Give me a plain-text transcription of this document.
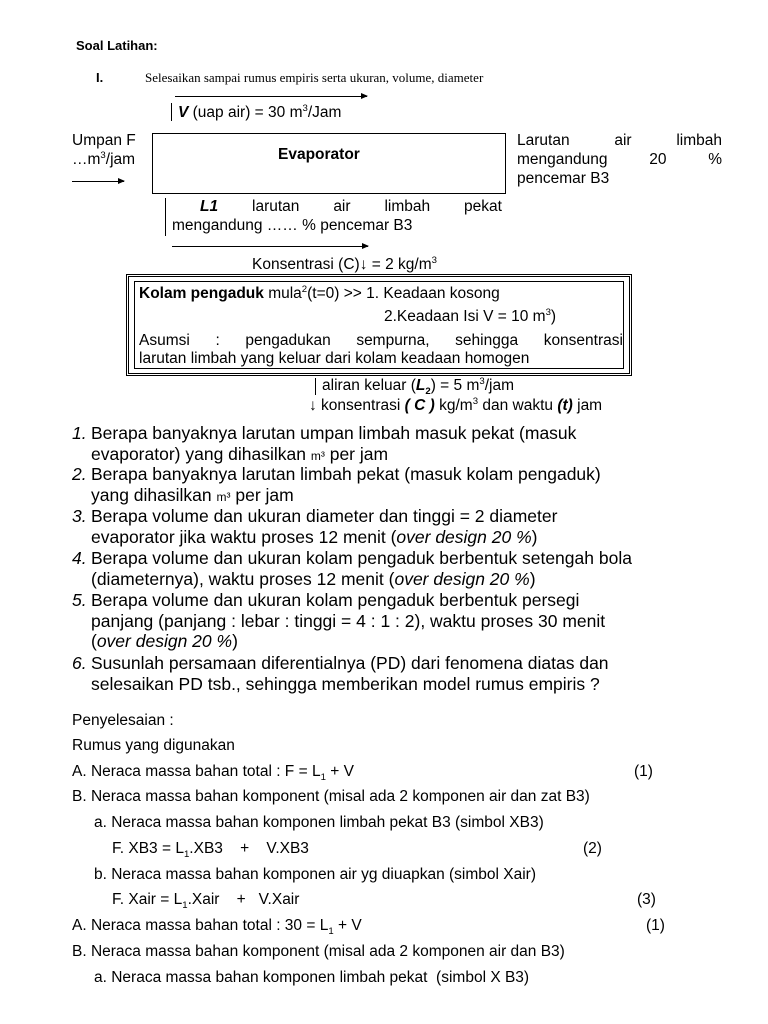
Soal Latihan:
I.	Selesaikan sampai rumus empiris serta ukuran, volume, diameter
V (uap air) = 30 $m^3$/Jam
Umpan F
$\dots m^3$/jam	Evaporator
Larutan	air	limbah
mengandung	20	%
pencemar B3
L1 larutan air limbah pekat
mengandung …… % pencemar B3
Konsentrasi (C)↓ = 2 $kg/m^3$
Kolam pengaduk mula$^2$(t=0) >> 1. Keadaan kosong
2.Keadaan Isi V = 10 $m^3$)
Asumsi : pengadukan sempurna, sehingga konsentrasi
larutan limbah yang keluar dari kolam keadaan homogen
aliran keluar $(L_2) = 5$ $m^3$/jam
↓ konsentrasi ( C ) $kg/m^3$ dan waktu (t) jam
1. Berapa banyaknya larutan umpan limbah masuk pekat (masuk
evaporator) yang dihasilkan m³ per jam
2. Berapa banyaknya larutan limbah pekat (masuk kolam pengaduk)
yang dihasilkan m³ per jam
3. Berapa volume dan ukuran diameter dan tinggi = 2 diameter
evaporator jika waktu proses 12 menit (over design 20 %)
4. Berapa volume dan ukuran kolam pengaduk berbentuk setengah bola
(diameternya), waktu proses 12 menit (over design 20 %)
5. Berapa volume dan ukuran kolam pengaduk berbentuk persegi
panjang (panjang : lebar : tinggi = 4 : 1 : 2), waktu proses 30 menit
(over design 20 %)
6. Susunlah persamaan diferentialnya (PD) dari fenomena diatas dan
selesaikan PD tsb., sehingga memberikan model rumus empiris ?
Penyelesaian :
Rumus yang digunakan
A. Neraca massa bahan total : $F = L_1 + V$	(1)
B. Neraca massa bahan komponent (misal ada 2 komponen air dan zat B3)
a. Neraca massa bahan komponen limbah pekat B3 (simbol XB3)
F. $XB3 = L_1.XB3$    +    V.XB3	(2)
b. Neraca massa bahan komponen air yg diuapkan (simbol Xair)
F. Xair = $L_1.Xair$    +   V.Xair	(3)
A. Neraca massa bahan total : $30 = L_1 + V$	(1)
B. Neraca massa bahan komponent (misal ada 2 komponen air dan B3)
a. Neraca massa bahan komponen limbah pekat  (simbol X B3)
